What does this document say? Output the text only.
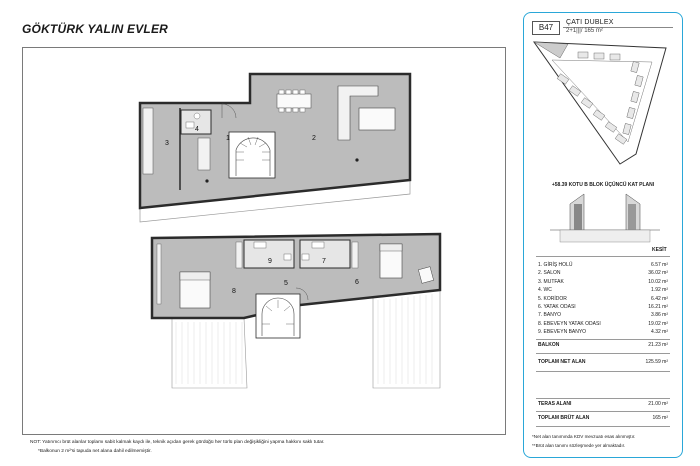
GÖKTÜRK YALIN EVLER
1	2
3
4
5	6
7
8
9
B47
ÇATI DUBLEX
2+1|||/ 165 m²
+58.39 KOTU B BLOK ÜÇÜNCÜ KAT PLANI
KESİT
1. GİRİŞ HOLÜ	6.57 m²
2. SALON	36.02 m²
3. MUTFAK	10.02 m²
4. WC	1.92 m²
5. KORİDOR	6.42 m²
6. YATAK ODASI	16.21 m²
7. BANYO	3.86 m²
8. EBEVEYN YATAK ODASI	19.02 m²
9. EBEVEYN BANYO	4.32 m²
BALKON	21.23 m²
TOPLAM NET ALAN	125.59 m²
TERAS ALANI	21.00 m²
TOPLAM BRÜT ALAN	165 m²
*Net alan tanımında KDV mevzuatı esas alınmıştır.
**Brüt alan tanımı sözleşmede yer almaktadır.
NOT: Yatırımcı brüt alanlar toplamı sabit kalmak kaydı ile, teknik açıdan gerek gördüğü her türlü plan değişikliğini yapma hakkını saklı tutar.
*Balkonun 2 m²'si tapuda net alana dahil edilmemiştir.
